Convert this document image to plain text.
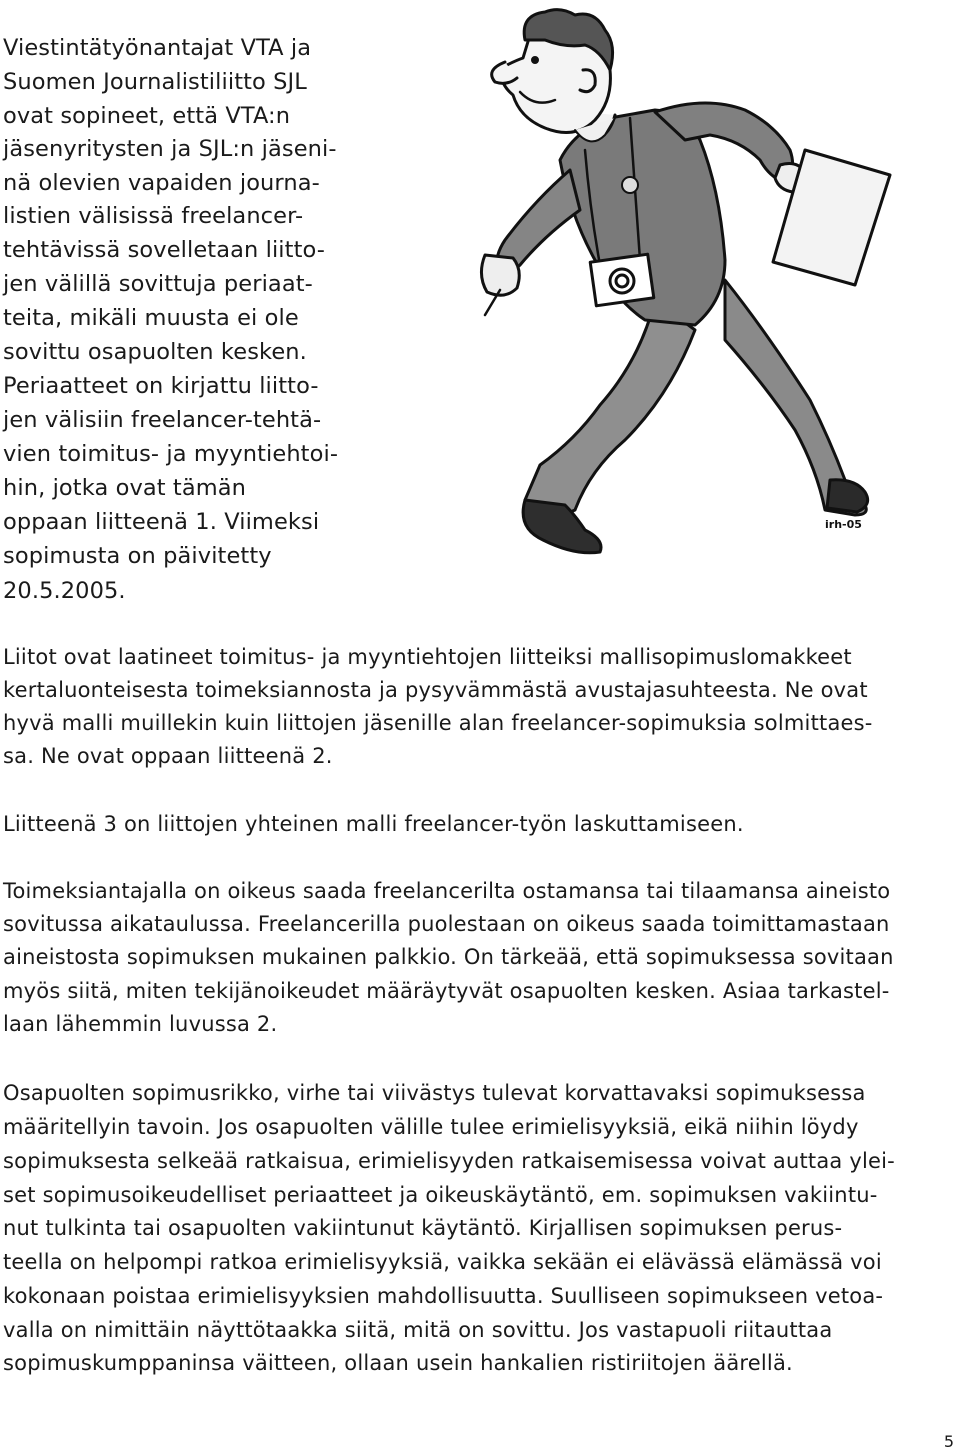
Viestintätyönantajat VTA ja

Suomen Journalistiliitto SJL

ovat sopineet, että VTA:n

jäsenyritysten ja SJL:n jäseni-

nä olevien vapaiden journa-

listien välisissä freelancer-

tehtävissä sovelletaan liitto-

jen välillä sovittuja periaat-

teita, mikäli muusta ei ole

sovittu osapuolten kesken.

Periaatteet on kirjattu liitto-

jen välisiin freelancer-tehtä-

vien toimitus- ja myyntiehtoi-

hin, jotka ovat tämän

oppaan liitteenä 1. Viimeksi

sopimusta on päivitetty

20.5.2005.

irh-05

Liitot ovat laatineet toimitus- ja myyntiehtojen liitteiksi mallisopimuslomakkeet

kertaluonteisesta toimeksiannosta ja pysyvämmästä avustajasuhteesta. Ne ovat

hyvä malli muillekin kuin liittojen jäsenille alan freelancer-sopimuksia solmittaes-

sa. Ne ovat oppaan liitteenä 2.

Liitteenä 3 on liittojen yhteinen malli freelancer-työn laskuttamiseen.

Toimeksiantajalla on oikeus saada freelancerilta ostamansa tai tilaamansa aineisto

sovitussa aikataulussa. Freelancerilla puolestaan on oikeus saada toimittamastaan

aineistosta sopimuksen mukainen palkkio. On tärkeää, että sopimuksessa sovitaan

myös siitä, miten tekijänoikeudet määräytyvät osapuolten kesken. Asiaa tarkastel-

laan lähemmin luvussa 2.

Osapuolten sopimusrikko, virhe tai viivästys tulevat korvattavaksi sopimuksessa

määritellyin tavoin. Jos osapuolten välille tulee erimielisyyksiä, eikä niihin löydy

sopimuksesta selkeää ratkaisua, erimielisyyden ratkaisemisessa voivat auttaa ylei-

set sopimusoikeudelliset periaatteet ja oikeuskäytäntö, em. sopimuksen vakiintu-

nut tulkinta tai osapuolten vakiintunut käytäntö. Kirjallisen sopimuksen perus-

teella on helpompi ratkoa erimielisyyksiä, vaikka sekään ei elävässä elämässä voi

kokonaan poistaa erimielisyyksien mahdollisuutta. Suulliseen sopimukseen vetoa-

valla on nimittäin näyttötaakka siitä, mitä on sovittu. Jos vastapuoli riitauttaa

sopimuskumppaninsa väitteen, ollaan usein hankalien ristiriitojen äärellä.

5
